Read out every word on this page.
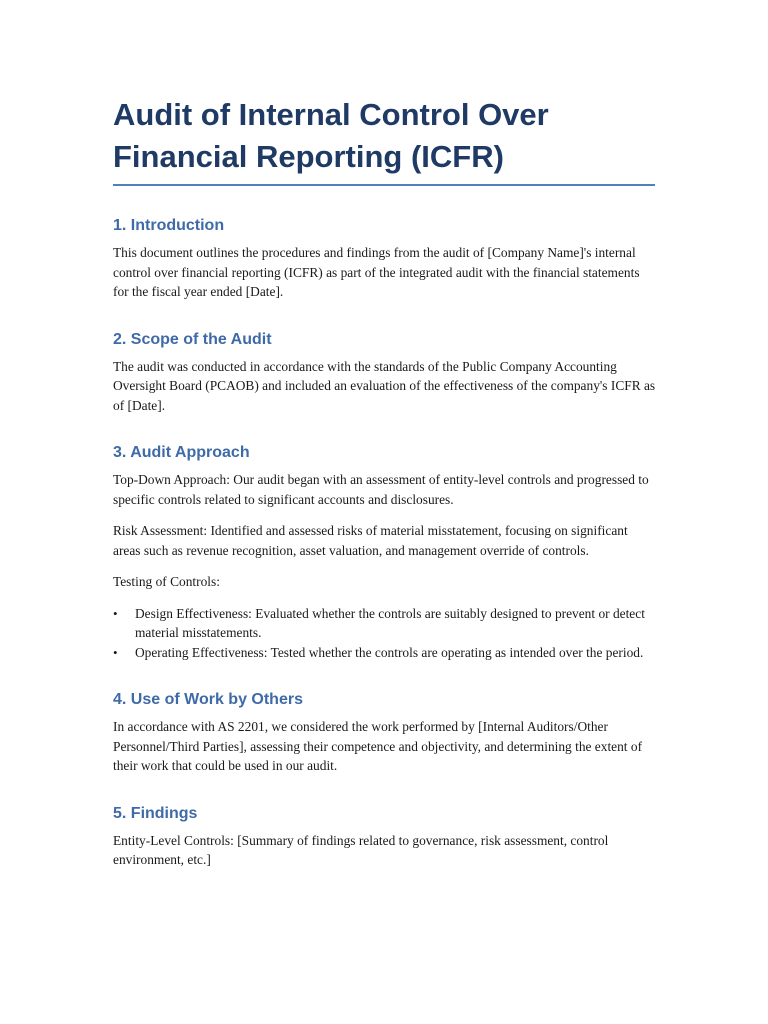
Audit of Internal Control Over Financial Reporting (ICFR)
1. Introduction

This document outlines the procedures and findings from the audit of [Company Name]'s internal control over financial reporting (ICFR) as part of the integrated audit with the financial statements for the fiscal year ended [Date].

2. Scope of the Audit

The audit was conducted in accordance with the standards of the Public Company Accounting Oversight Board (PCAOB) and included an evaluation of the effectiveness of the company's ICFR as of [Date].

3. Audit Approach

Top-Down Approach: Our audit began with an assessment of entity-level controls and progressed to specific controls related to significant accounts and disclosures.

Risk Assessment: Identified and assessed risks of material misstatement, focusing on significant areas such as revenue recognition, asset valuation, and management override of controls.

Testing of Controls:

• Design Effectiveness: Evaluated whether the controls are suitably designed to prevent or detect material misstatements.
• Operating Effectiveness: Tested whether the controls are operating as intended over the period.
4. Use of Work by Others

In accordance with AS 2201, we considered the work performed by [Internal Auditors/Other Personnel/Third Parties], assessing their competence and objectivity, and determining the extent of their work that could be used in our audit.

5. Findings

Entity-Level Controls: [Summary of findings related to governance, risk assessment, control environment, etc.]
